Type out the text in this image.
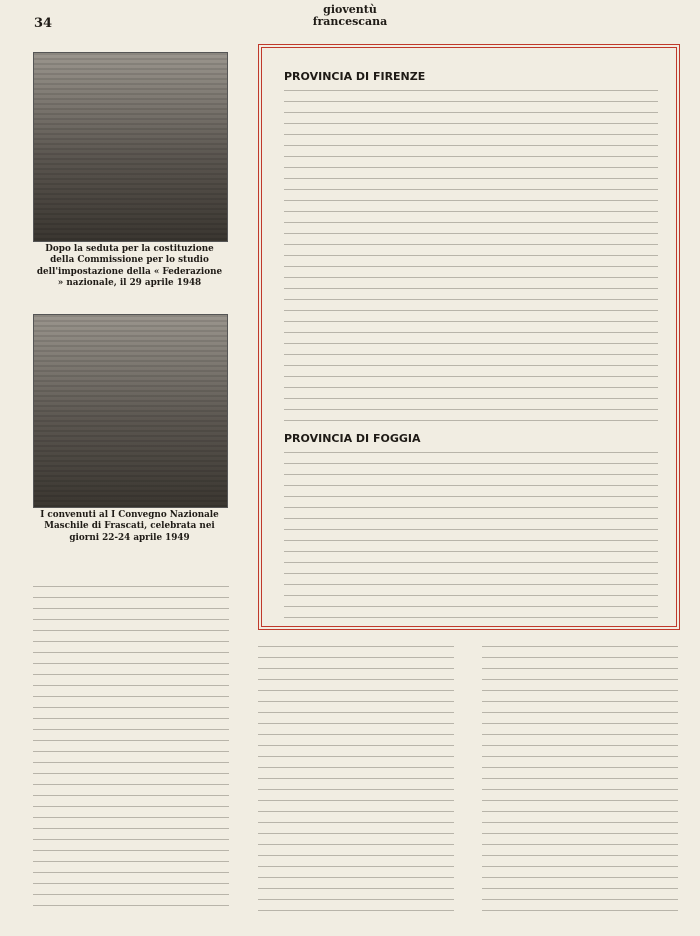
34
gioventù
francescana
Dopo la seduta per la costituzione della Commissione per lo studio dell'impostazione della « Federazione » nazionale, il 29 aprile 1948
I convenuti al I Convegno Nazionale Maschile di Frascati, celebrata nei giorni 22-24 aprile 1949
PROVINCIA DI FIRENZE
PROVINCIA DI FOGGIA
